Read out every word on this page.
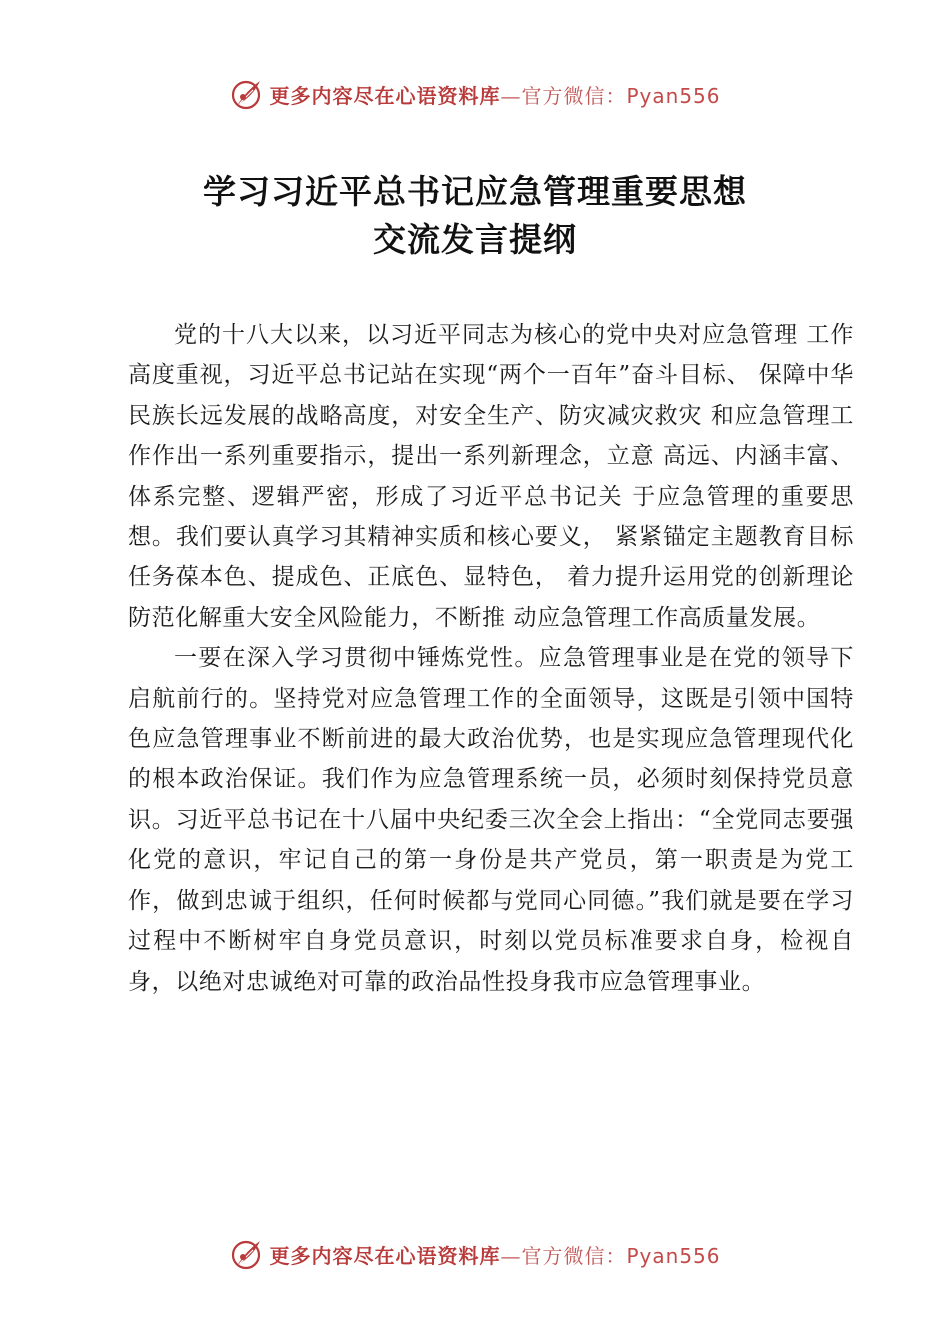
更多内容尽在心语资料库—官方微信：Pyan556
学习习近平总书记应急管理重要思想
交流发言提纲

党的十八大以来，以习近平同志为核心的党中央对应急管理 工作高度重视，习近平总书记站在实现“两个一百年”奋斗目标、 保障中华民族长远发展的战略高度，对安全生产、防灾减灾救灾 和应急管理工作作出一系列重要指示，提出一系列新理念，立意 高远、内涵丰富、体系完整、逻辑严密，形成了习近平总书记关 于应急管理的重要思想。我们要认真学习其精神实质和核心要义， 紧紧锚定主题教育目标任务葆本色、提成色、正底色、显特色， 着力提升运用党的创新理论防范化解重大安全风险能力，不断推 动应急管理工作高质量发展。

一要在深入学习贯彻中锤炼党性。应急管理事业是在党的领导下启航前行的。坚持党对应急管理工作的全面领导，这既是引领中国特色应急管理事业不断前进的最大政治优势，也是实现应急管理现代化的根本政治保证。我们作为应急管理系统一员，必须时刻保持党员意识。习近平总书记在十八届中央纪委三次全会上指出：“全党同志要强化党的意识，牢记自己的第一身份是共产党员，第一职责是为党工作，做到忠诚于组织，任何时候都与党同心同德。”我们就是要在学习过程中不断树牢自身党员意识，时刻以党员标准要求自身，检视自身，以绝对忠诚绝对可靠的政治品性投身我市应急管理事业。

更多内容尽在心语资料库—官方微信：Pyan556
